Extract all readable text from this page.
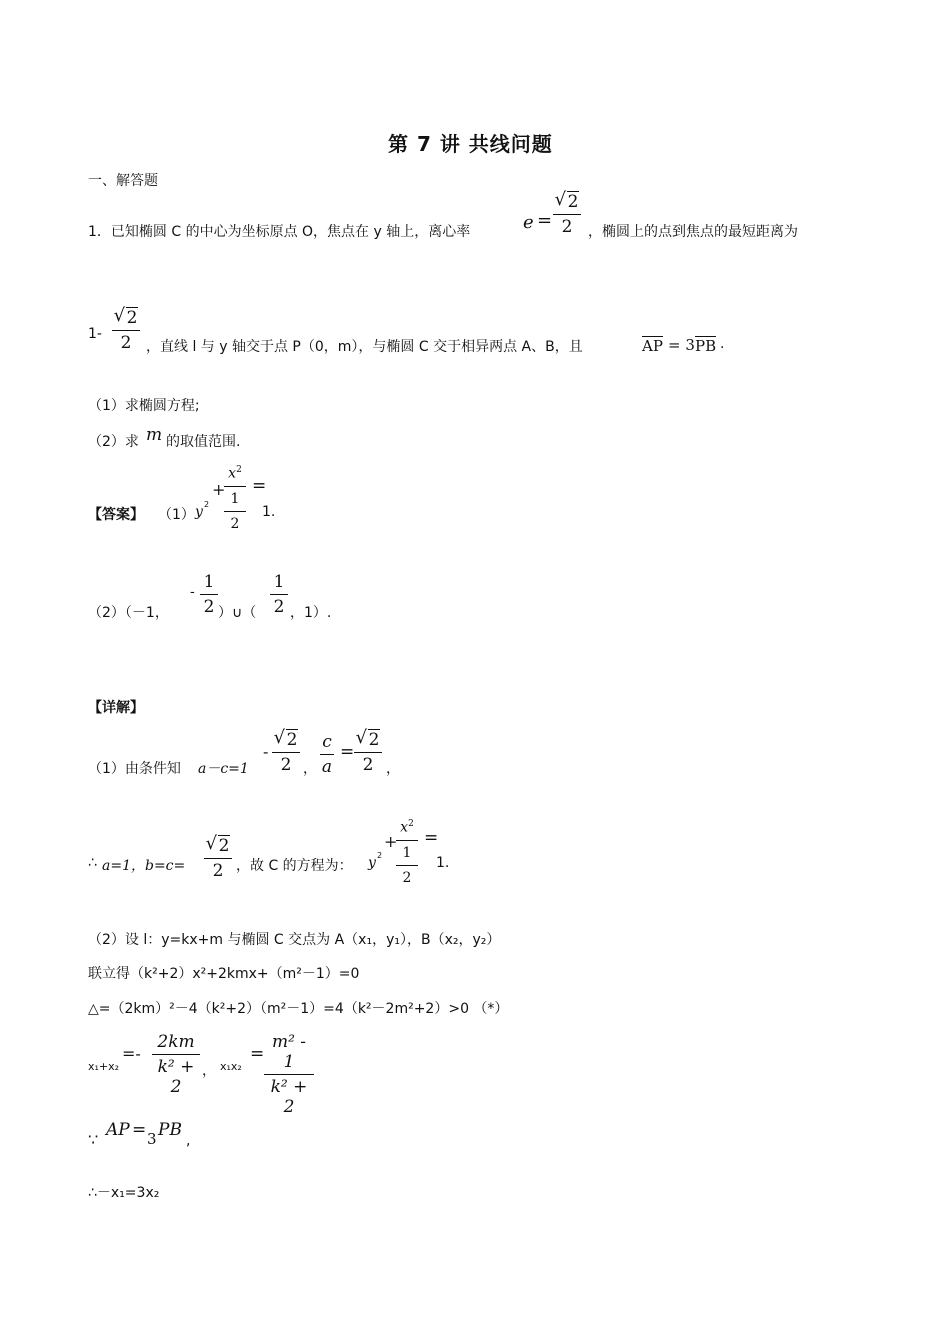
第 7 讲 共线问题
一、解答题
1．已知椭圆 C 的中心为坐标原点 O，焦点在 y 轴上，离心率	e =
√ 2
2	，椭圆上的点到焦点的最短距离为
1-
√ 2
2	，直线 l 与 y 轴交于点 P（0，m），与椭圆 C 交于相异两点 A、B，且	AP = 3 PB .
（1）求椭圆方程;
（2）求 m 的取值范围.
【答案】 （1） y 2
+
$x^2$
1
2
=
1.
（2）（－1，
- 1
2 ）∪（
1
2 ，1）.
【详解】
（1）由条件知 a－c=1
-
√ 2
2 ，
c
a
=
√ 2
2 ，
∴ a=1，b=c=
√ 2
2 ，故 C 的方程为： y 2
+
$x^2$
1
2
=
1.
（2）设 l：y=kx+m 与椭圆 C 交点为 A（x₁，y₁），B（x₂，y₂）
联立得（k²+2）x²+2kmx+（m²－1）=0
△=（2km）²－4（k²+2）（m²－1）=4（k²－2m²+2）>0 （*）
x₁+x₂
=-
2km
k² + 2
， x₁x₂
=
m² - 1
k² + 2
∵ AP = 3 PB
,
∴－x₁=3x₂
